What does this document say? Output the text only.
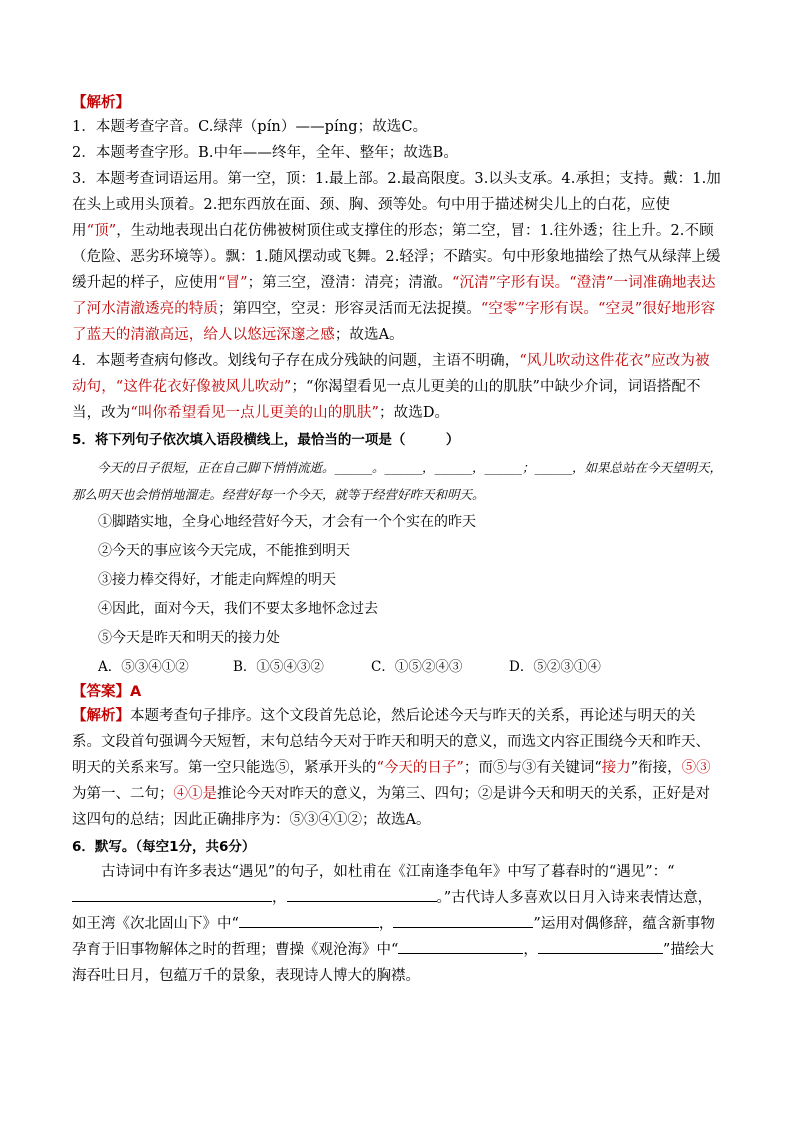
【解析】

1．本题考查字音。C.绿萍（pín）——píng；故选C。

2．本题考查字形。B.中年——终年，全年、整年；故选B。

3．本题考查词语运用。第一空，顶：1.最上部。2.最高限度。3.以头支承。4.承担；支持。戴：1.加在头上或用头顶着。2.把东西放在面、颈、胸、颈等处。句中用于描述树尖儿上的白花，应使用“顶”，生动地表现出白花仿佛被树顶住或支撑住的形态；第二空，冒：1.往外透；往上升。2.不顾（危险、恶劣环境等）。飘：1.随风摆动或飞舞。2.轻浮；不踏实。句中形象地描绘了热气从绿萍上缓缓升起的样子，应使用“冒”；第三空，澄清：清亮；清澈。“沉清”字形有误。“澄清”一词准确地表达了河水清澈透亮的特质；第四空，空灵：形容灵活而无法捉摸。“空零”字形有误。“空灵”很好地形容了蓝天的清澈高远，给人以悠远深邃之感；故选A。

4．本题考查病句修改。划线句子存在成分残缺的问题，主语不明确，“风儿吹动这件花衣”应改为被动句，“这件花衣好像被风儿吹动”；“你渴望看见一点儿更美的山的肌肤”中缺少介词，词语搭配不当，改为“叫你希望看见一点儿更美的山的肌肤”；故选D。

5．将下列句子依次填入语段横线上，最恰当的一项是（　　　）

今天的日子很短，正在自己脚下悄悄流逝。______。______，______，______；______，如果总站在今天望明天，那么明天也会悄悄地溜走。经营好每一个今天，就等于经营好昨天和明天。

①脚踏实地，全身心地经营好今天，才会有一个个实在的昨天

②今天的事应该今天完成，不能推到明天

③接力棒交得好，才能走向辉煌的明天

④因此，面对今天，我们不要太多地怀念过去

⑤今天是昨天和明天的接力处

A．⑤③④①②	B．①⑤④③②	C．①⑤②④③	D．⑤②③①④

【答案】A

【解析】本题考查句子排序。这个文段首先总论，然后论述今天与昨天的关系，再论述与明天的关系。文段首句强调今天短暂，末句总结今天对于昨天和明天的意义，而选文内容正围绕今天和昨天、明天的关系来写。第一空只能选⑤，紧承开头的“今天的日子”；而⑤与③有关键词“接力”衔接，⑤③为第一、二句；④①是推论今天对昨天的意义，为第三、四句；②是讲今天和明天的关系，正好是对这四句的总结；因此正确排序为：⑤③④①②；故选A。

6．默写。（每空1分，共6分）

古诗词中有许多表达“遇见”的句子，如杜甫在《江南逢李龟年》中写了暮春时的“遇见”：“，	。”古代诗人多喜欢以日月入诗来表情达意，如王湾《次北固山下》中“	，	”运用对偶修辞，蕴含新事物孕育于旧事物解体之时的哲理；曹操《观沧海》中“	，	”描绘大海吞吐日月，包蕴万千的景象，表现诗人博大的胸襟。
